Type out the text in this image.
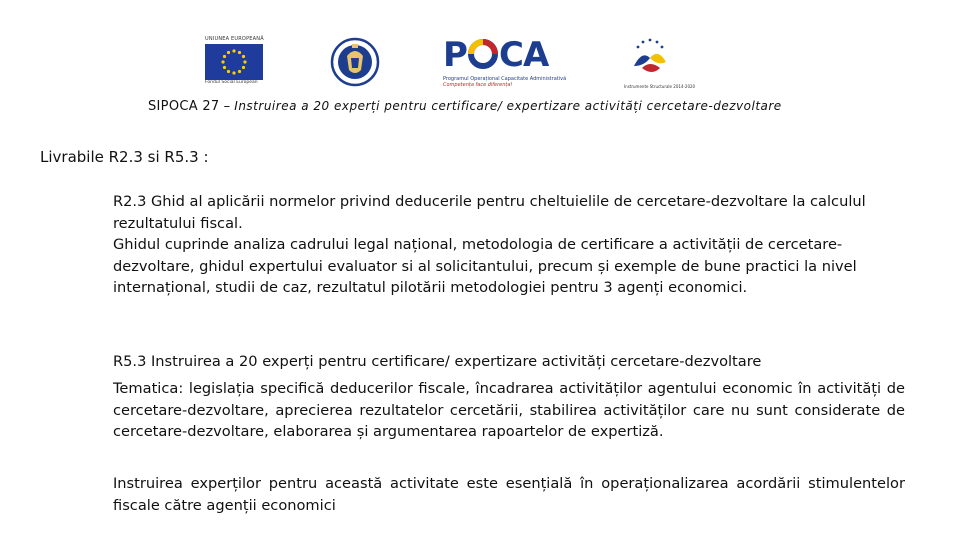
UNIUNEA EUROPEANĂ
Fondul Social European
P CA
Programul Operațional Capacitate Administrativă
Competența face diferența!	Instrumente Structurale 2014-2020
SIPOCA 27 – Instruirea a 20 experți pentru certificare/ expertizare activități cercetare-dezvoltare
Livrabile R2.3 si R5.3 :
R2.3 Ghid al aplicării normelor privind deducerile pentru cheltuielile de cercetare-dezvoltare la calculul rezultatului fiscal.
Ghidul cuprinde analiza cadrului legal național, metodologia de certificare a activității de cercetare-dezvoltare, ghidul expertului evaluator si al solicitantului, precum și exemple de bune practici la nivel internațional, studii de caz, rezultatul pilotării metodologiei pentru 3 agenți economici.
R5.3 Instruirea a 20 experți pentru certificare/ expertizare activități cercetare-dezvoltare

Tematica: legislația specifică deducerilor fiscale, încadrarea activităților agentului economic în activități de cercetare-dezvoltare, aprecierea rezultatelor cercetării, stabilirea activităților care nu sunt considerate de cercetare-dezvoltare, elaborarea și argumentarea rapoartelor de expertiză.

Instruirea experților pentru această activitate este esențială în operaționalizarea acordării stimulentelor fiscale către agenții economici
